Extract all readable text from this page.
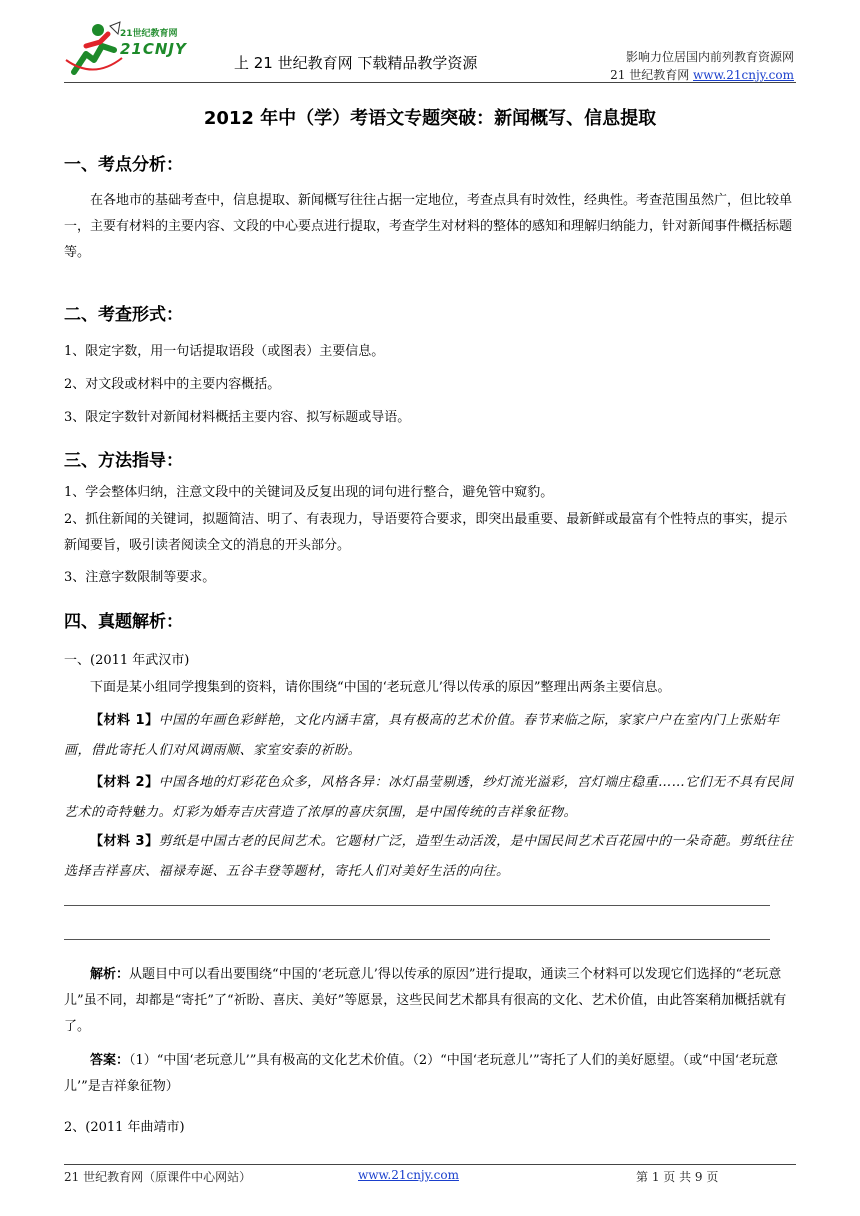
21世纪教育网
21CNJY
上 21 世纪教育网 下载精品教学资源	影响力位居国内前列教育资源网
21 世纪教育网 www.21cnjy.com
2012 年中（学）考语文专题突破：新闻概写、信息提取
一、考点分析：
在各地市的基础考查中，信息提取、新闻概写往往占据一定地位，考查点具有时效性，经典性。考查范围虽然广，但比较单一，主要有材料的主要内容、文段的中心要点进行提取，考查学生对材料的整体的感知和理解归纳能力，针对新闻事件概括标题等。
二、考查形式：
1、限定字数，用一句话提取语段（或图表）主要信息。
2、对文段或材料中的主要内容概括。
3、限定字数针对新闻材料概括主要内容、拟写标题或导语。
三、方法指导：
1、学会整体归纳，注意文段中的关键词及反复出现的词句进行整合，避免管中窥豹。
2、抓住新闻的关键词，拟题简洁、明了、有表现力，导语要符合要求，即突出最重要、最新鲜或最富有个性特点的事实，提示新闻要旨，吸引读者阅读全文的消息的开头部分。
3、注意字数限制等要求。
四、真题解析：
一、(2011 年武汉市)
下面是某小组同学搜集到的资料，请你围绕“中国的‘老玩意儿’得以传承的原因”整理出两条主要信息。
【材料 1】中国的年画色彩鲜艳，文化内涵丰富，具有极高的艺术价值。春节来临之际，家家户户在室内门上张贴年画，借此寄托人们对风调雨顺、家室安泰的祈盼。
【材料 2】中国各地的灯彩花色众多，风格各异：冰灯晶莹剔透，纱灯流光溢彩，宫灯端庄稳重……它们无不具有民间艺术的奇特魅力。灯彩为婚寿吉庆营造了浓厚的喜庆氛围，是中国传统的吉祥象征物。
【材料 3】剪纸是中国古老的民间艺术。它题材广泛，造型生动活泼，是中国民间艺术百花园中的一朵奇葩。剪纸往往选择吉祥喜庆、福禄寿诞、五谷丰登等题材，寄托人们对美好生活的向往。
解析：从题目中可以看出要围绕“中国的‘老玩意儿’得以传承的原因”进行提取，通读三个材料可以发现它们选择的“老玩意儿”虽不同，却都是“寄托”了“祈盼、喜庆、美好”等愿景，这些民间艺术都具有很高的文化、艺术价值，由此答案稍加概括就有了。
答案：（1）“中国‘老玩意儿’”具有极高的文化艺术价值。（2）“中国‘老玩意儿’”寄托了人们的美好愿望。（或“中国‘老玩意儿’”是吉祥象征物）
2、(2011 年曲靖市)
21 世纪教育网（原课件中心网站）	www.21cnjy.com	第 1 页 共 9 页
